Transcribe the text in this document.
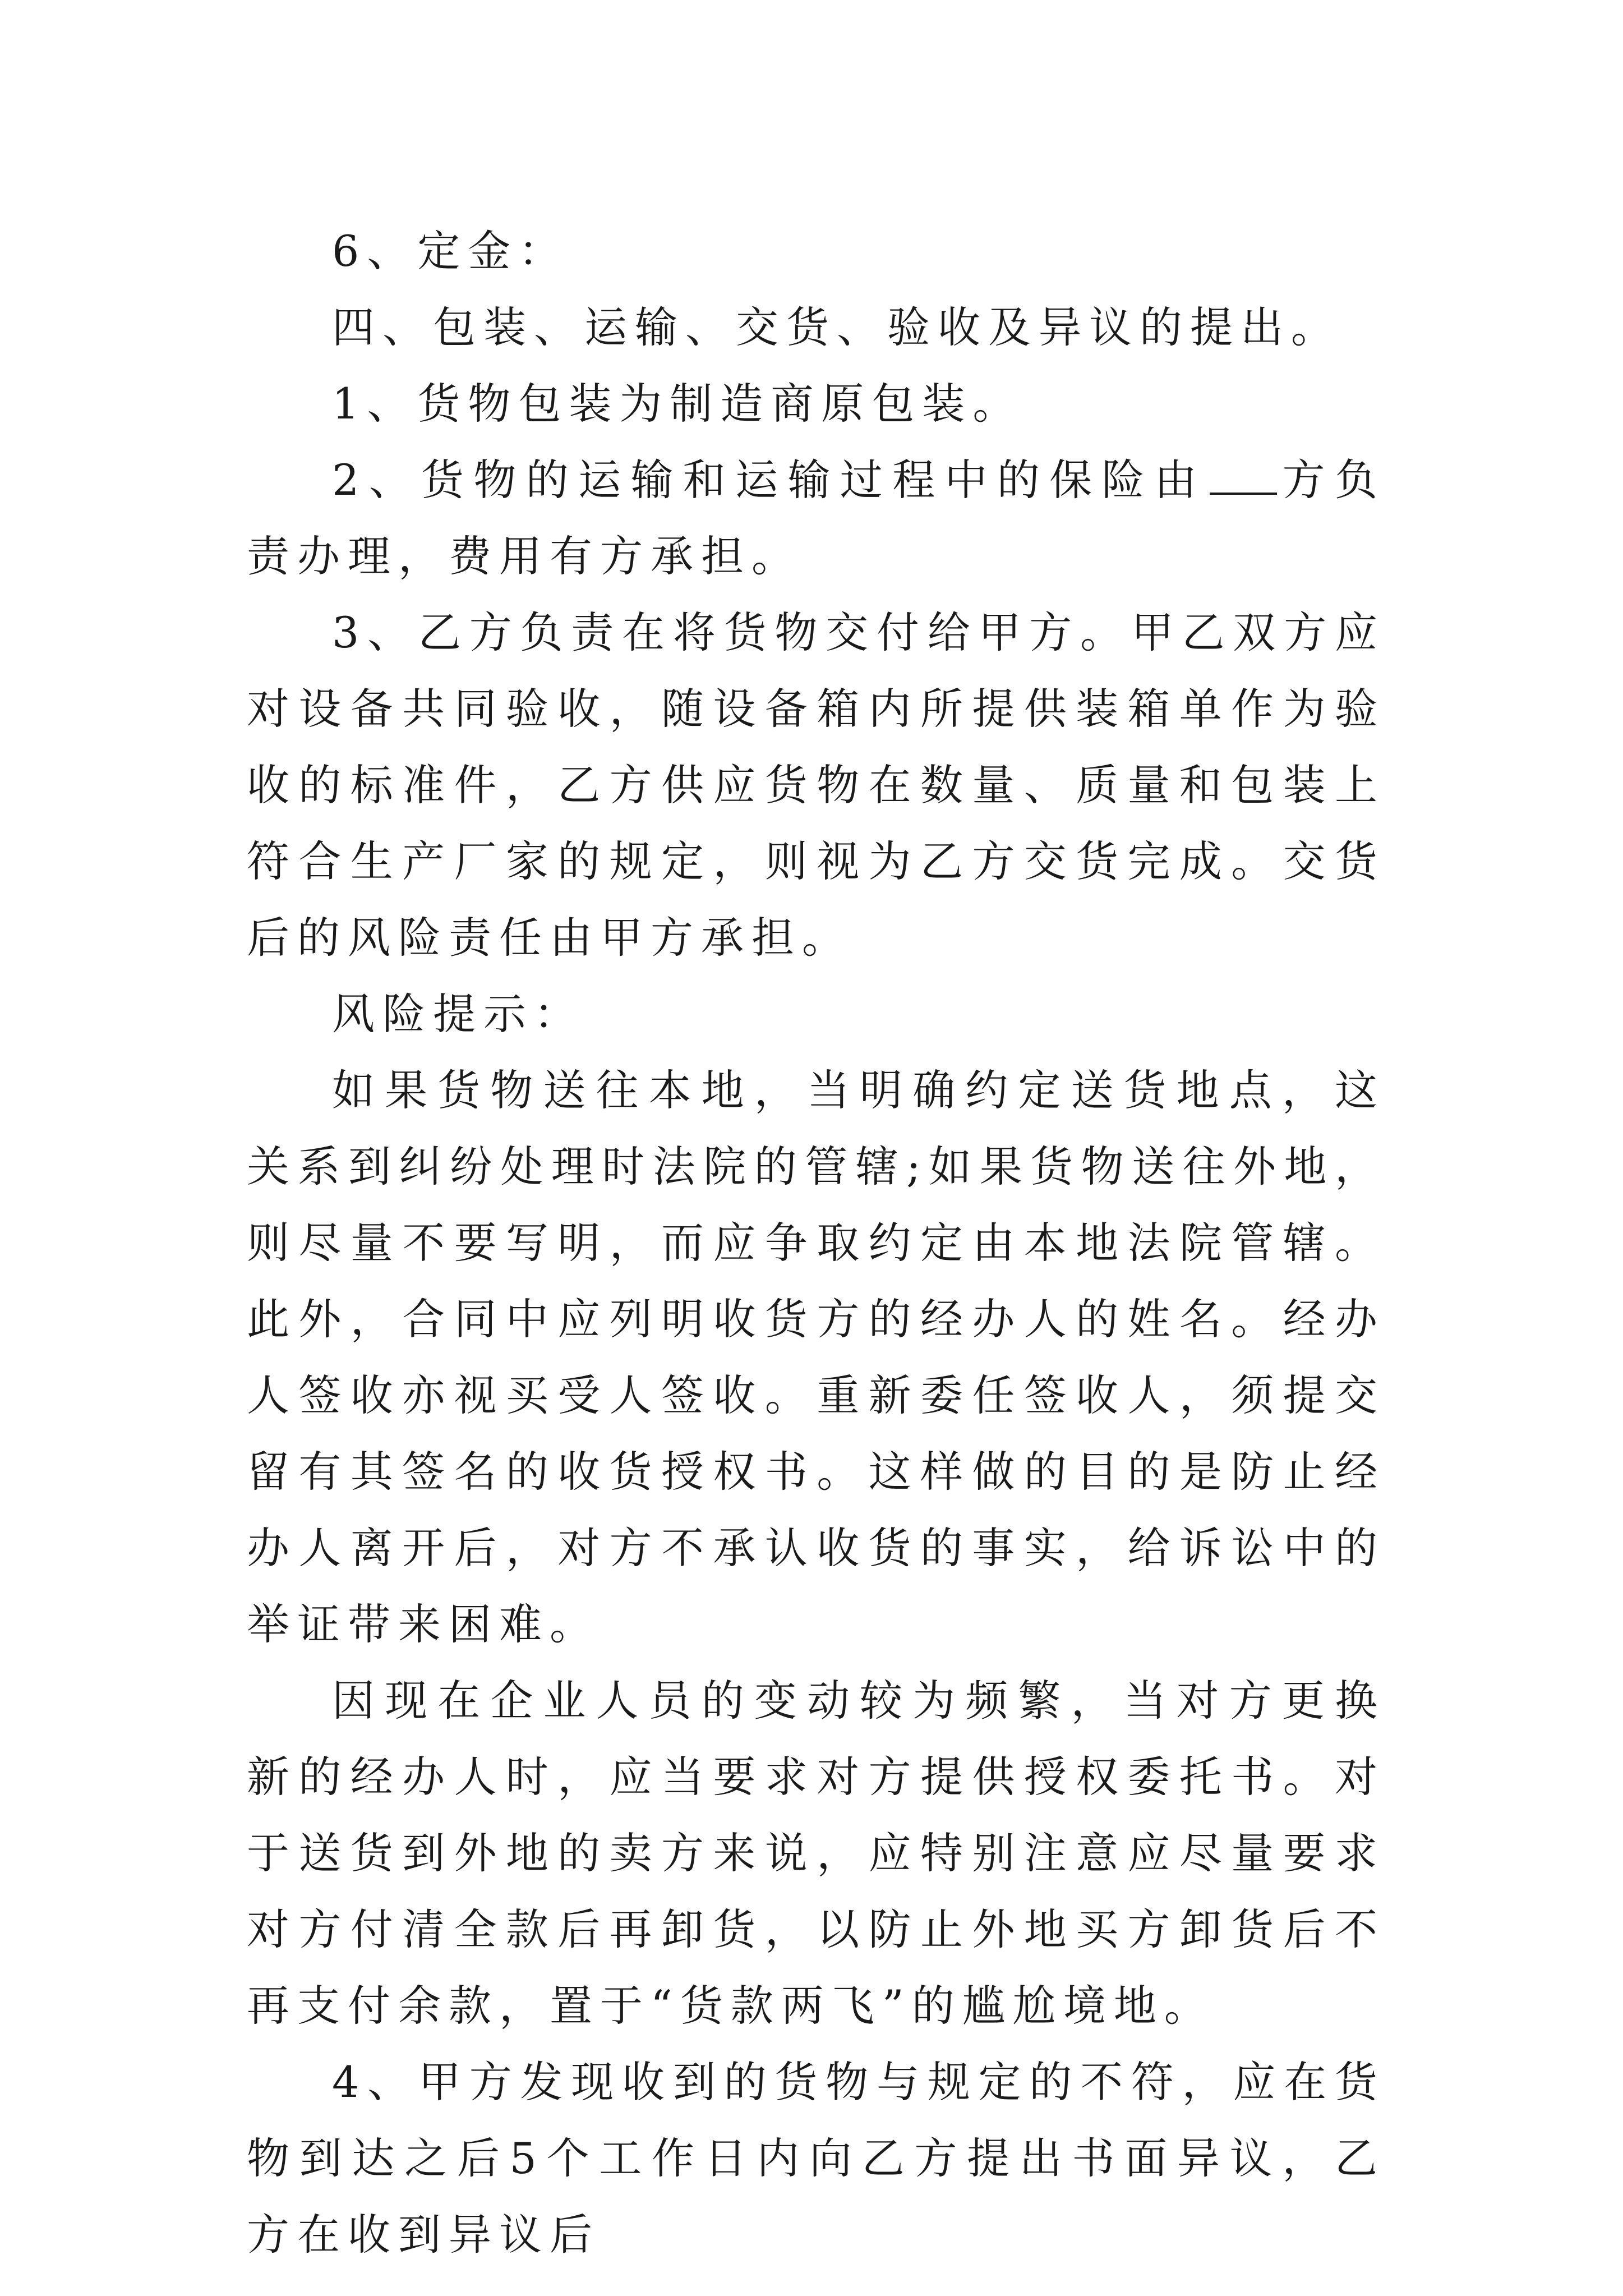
6、定金：

四、包装、运输、交货、验收及异议的提出。

1、货物包装为制造商原包装。

2、货物的运输和运输过程中的保险由 方负责办理，费用有方承担。

3、乙方负责在将货物交付给甲方。甲乙双方应对设备共同验收，随设备箱内所提供装箱单作为验收的标准件，乙方供应货物在数量、质量和包装上符合生产厂家的规定，则视为乙方交货完成。交货后的风险责任由甲方承担。

风险提示：

如果货物送往本地，当明确约定送货地点，这关系到纠纷处理时法院的管辖;如果货物送往外地，则尽量不要写明，而应争取约定由本地法院管辖。此外，合同中应列明收货方的经办人的姓名。经办人签收亦视买受人签收。重新委任签收人，须提交留有其签名的收货授权书。这样做的目的是防止经办人离开后，对方不承认收货的事实，给诉讼中的举证带来困难。

因现在企业人员的变动较为频繁，当对方更换新的经办人时，应当要求对方提供授权委托书。对于送货到外地的卖方来说，应特别注意应尽量要求对方付清全款后再卸货，以防止外地买方卸货后不再支付余款，置于“货款两飞”的尴尬境地。

4、甲方发现收到的货物与规定的不符，应在货物到达之后5个工作日内向乙方提出书面异议，乙方在收到异议后
